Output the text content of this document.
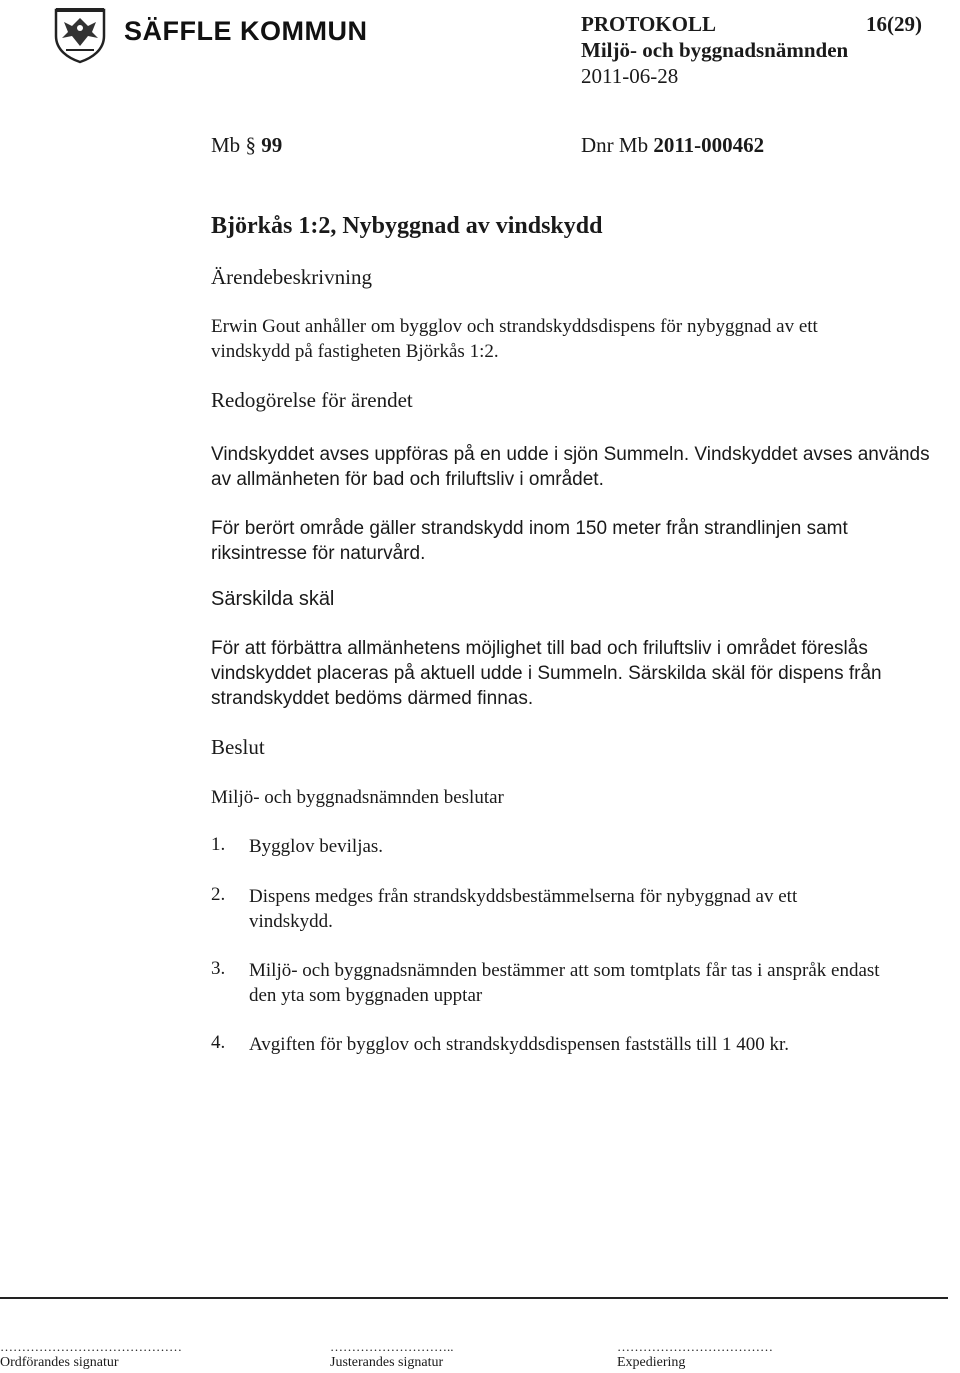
SÄFFLE KOMMUN	PROTOKOLL	16(29)
Miljö- och byggnadsnämnden
2011-06-28
Mb § 99	Dnr Mb 2011-000462
Björkås 1:2, Nybyggnad av vindskydd
Ärendebeskrivning
Erwin Gout anhåller om bygglov och strandskyddsdispens för nybyggnad av ett
vindskydd på fastigheten Björkås 1:2.
Redogörelse för ärendet
Vindskyddet avses uppföras på en udde i sjön Summeln. Vindskyddet avses används
av allmänheten för bad och friluftsliv i området.
För berört område gäller strandskydd inom 150 meter från strandlinjen samt
riksintresse för naturvård.
Särskilda skäl
För att förbättra allmänhetens möjlighet till bad och friluftsliv i området föreslås
vindskyddet placeras på aktuell udde i Summeln. Särskilda skäl för dispens från
strandskyddet bedöms därmed finnas.
Beslut
Miljö- och byggnadsnämnden beslutar
1. Bygglov beviljas.
2. Dispens medges från strandskyddsbestämmelserna för nybyggnad av ett
vindskydd.
3. Miljö- och byggnadsnämnden bestämmer att som tomtplats får tas i anspråk endast
den yta som byggnaden upptar
4. Avgiften för bygglov och strandskyddsdispensen fastställs till 1 400 kr.
……………………………………
Ordförandes signatur
………………………..
Justerandes signatur
………………………………
Expediering
